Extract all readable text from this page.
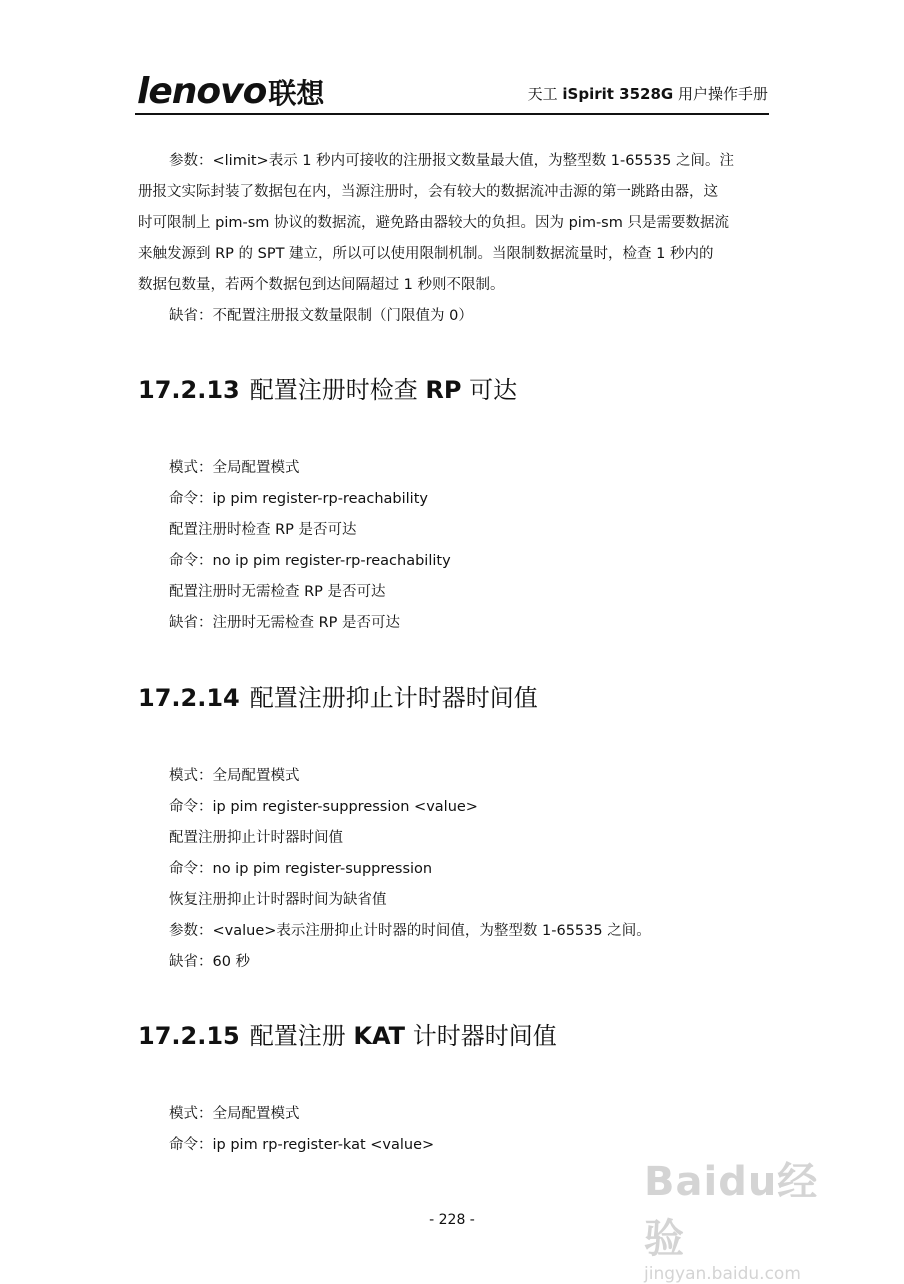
lenovo联想	天工 iSpirit 3528G 用户操作手册
参数：<limit>表示 1 秒内可接收的注册报文数量最大值，为整型数 1-65535 之间。注
册报文实际封装了数据包在内，当源注册时，会有较大的数据流冲击源的第一跳路由器，这
时可限制上 pim-sm 协议的数据流，避免路由器较大的负担。因为 pim-sm 只是需要数据流
来触发源到 RP 的 SPT 建立，所以可以使用限制机制。当限制数据流量时，检查 1 秒内的
数据包数量，若两个数据包到达间隔超过 1 秒则不限制。
缺省：不配置注册报文数量限制（门限值为 0）
17.2.13 配置注册时检查 RP 可达
模式：全局配置模式
命令：ip pim register-rp-reachability
配置注册时检查 RP 是否可达
命令：no ip pim register-rp-reachability
配置注册时无需检查 RP 是否可达
缺省：注册时无需检查 RP 是否可达
17.2.14 配置注册抑止计时器时间值
模式：全局配置模式
命令：ip pim register-suppression <value>
配置注册抑止计时器时间值
命令：no ip pim register-suppression
恢复注册抑止计时器时间为缺省值
参数：<value>表示注册抑止计时器的时间值，为整型数 1-65535 之间。
缺省：60 秒
17.2.15 配置注册 KAT 计时器时间值
模式：全局配置模式
命令：ip pim rp-register-kat <value>
- 228 -
Baidu经验
jingyan.baidu.com
